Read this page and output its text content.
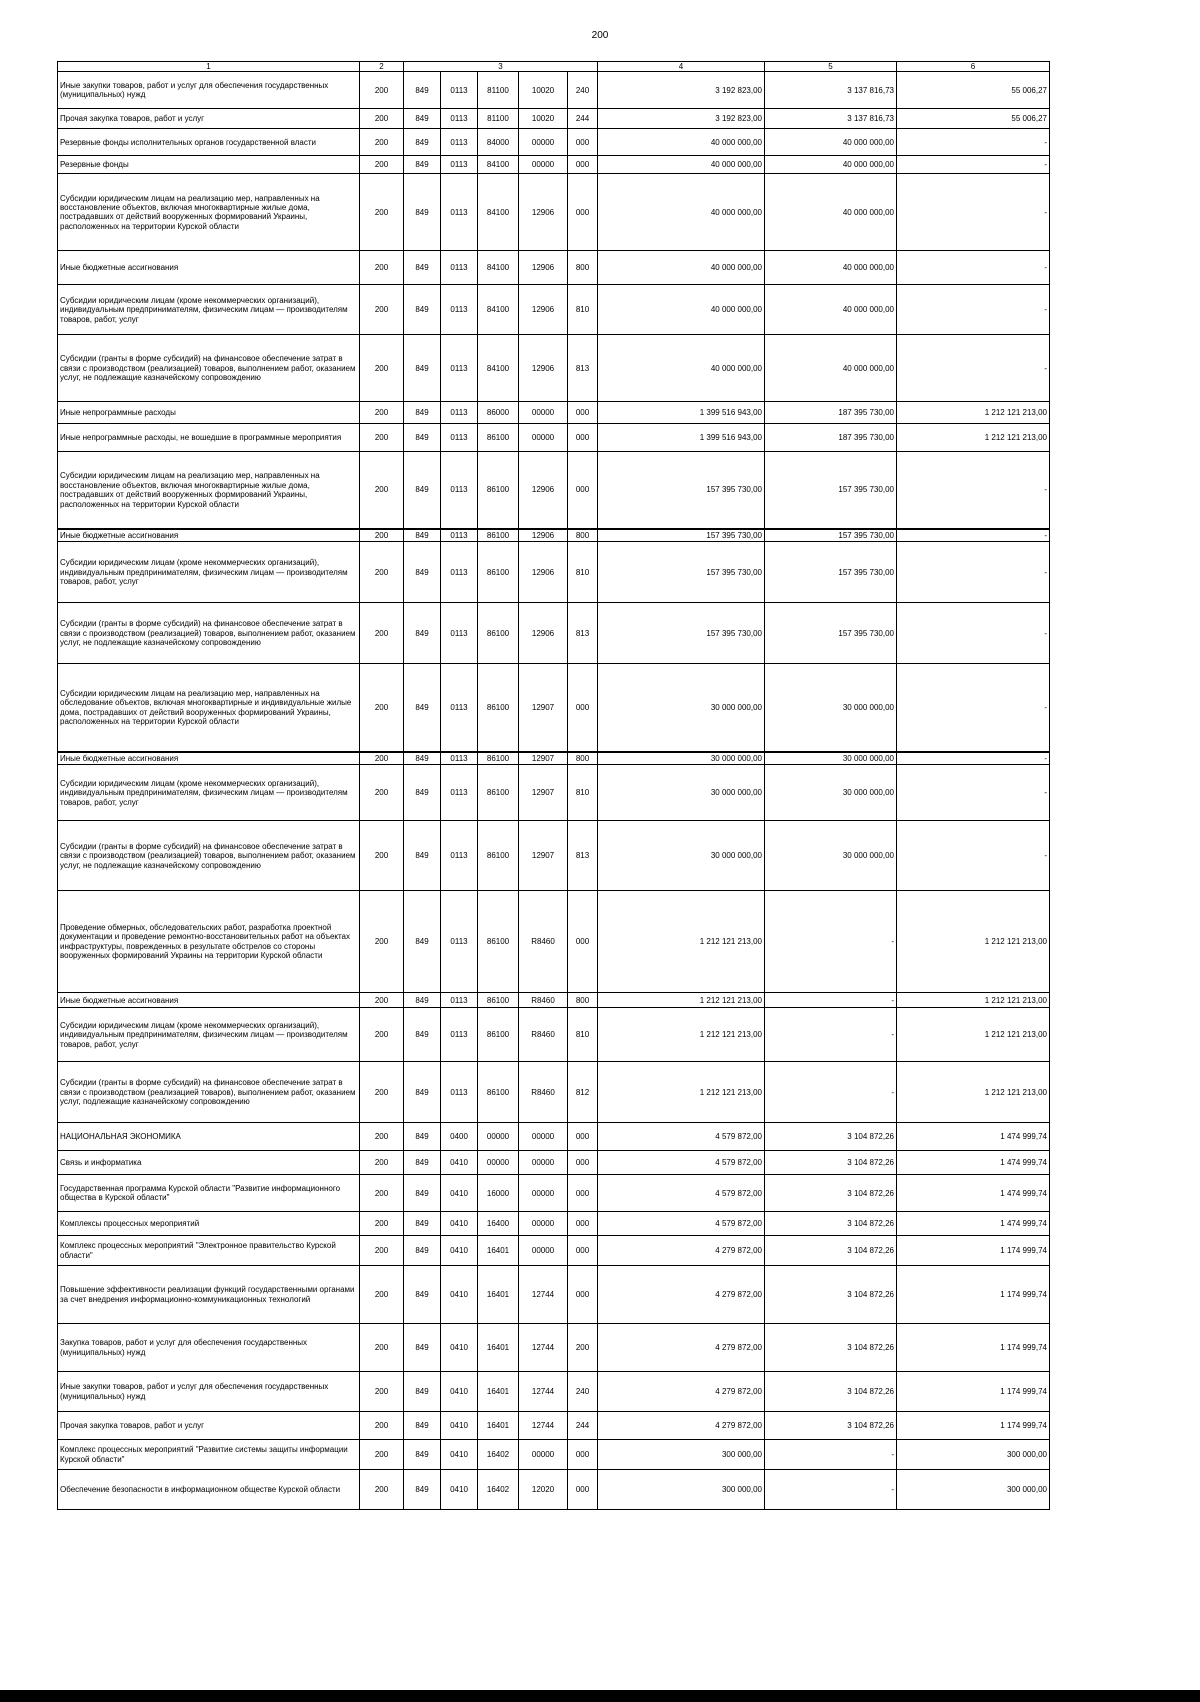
200
1	2	3					4	5	6
Иные закупки товаров, работ и услуг для обеспечения государственных (муниципальных) нужд	200	849	0113	81100	10020	240	3 192 823,00	3 137 816,73	55 006,27
Прочая закупка товаров, работ и услуг	200	849	0113	81100	10020	244	3 192 823,00	3 137 816,73	55 006,27
Резервные фонды исполнительных органов государственной власти	200	849	0113	84000	00000	000	40 000 000,00	40 000 000,00	-
Резервные фонды	200	849	0113	84100	00000	000	40 000 000,00	40 000 000,00	-
Субсидии юридическим лицам на реализацию мер, направленных на восстановление объектов, включая многоквартирные жилые дома, пострадавших от действий вооруженных формирований Украины, расположенных на территории Курской области	200	849	0113	84100	12906	000	40 000 000,00	40 000 000,00	-
Иные бюджетные ассигнования	200	849	0113	84100	12906	800	40 000 000,00	40 000 000,00	-
Субсидии юридическим лицам (кроме некоммерческих организаций), индивидуальным предпринимателям, физическим лицам — производителям товаров, работ, услуг	200	849	0113	84100	12906	810	40 000 000,00	40 000 000,00	-
Субсидии (гранты в форме субсидий) на финансовое обеспечение затрат в связи с производством (реализацией) товаров, выполнением работ, оказанием услуг, не подлежащие казначейскому сопровождению	200	849	0113	84100	12906	813	40 000 000,00	40 000 000,00	-
Иные непрограммные расходы	200	849	0113	86000	00000	000	1 399 516 943,00	187 395 730,00	1 212 121 213,00
Иные непрограммные расходы, не вошедшие в программные мероприятия	200	849	0113	86100	00000	000	1 399 516 943,00	187 395 730,00	1 212 121 213,00
Субсидии юридическим лицам на реализацию мер, направленных на восстановление объектов, включая многоквартирные жилые дома, пострадавших от действий вооруженных формирований Украины, расположенных на территории Курской области	200	849	0113	86100	12906	000	157 395 730,00	157 395 730,00	-
Иные бюджетные ассигнования	200	849	0113	86100	12906	800	157 395 730,00	157 395 730,00	-
Субсидии юридическим лицам (кроме некоммерческих организаций), индивидуальным предпринимателям, физическим лицам — производителям товаров, работ, услуг	200	849	0113	86100	12906	810	157 395 730,00	157 395 730,00	-
Субсидии (гранты в форме субсидий) на финансовое обеспечение затрат в связи с производством (реализацией) товаров, выполнением работ, оказанием услуг, не подлежащие казначейскому сопровождению	200	849	0113	86100	12906	813	157 395 730,00	157 395 730,00	-
Субсидии юридическим лицам на реализацию мер, направленных на обследование объектов, включая многоквартирные и индивидуальные жилые дома, пострадавших от действий вооруженных формирований Украины, расположенных на территории Курской области	200	849	0113	86100	12907	000	30 000 000,00	30 000 000,00	-
Иные бюджетные ассигнования	200	849	0113	86100	12907	800	30 000 000,00	30 000 000,00	-
Субсидии юридическим лицам (кроме некоммерческих организаций), индивидуальным предпринимателям, физическим лицам — производителям товаров, работ, услуг	200	849	0113	86100	12907	810	30 000 000,00	30 000 000,00	-
Субсидии (гранты в форме субсидий) на финансовое обеспечение затрат в связи с производством (реализацией) товаров, выполнением работ, оказанием услуг, не подлежащие казначейскому сопровождению	200	849	0113	86100	12907	813	30 000 000,00	30 000 000,00	-
Проведение обмерных, обследовательских работ, разработка проектной документации и проведение ремонтно-восстановительных работ на объектах инфраструктуры, поврежденных в результате обстрелов со стороны вооруженных формирований Украины на территории Курской области	200	849	0113	86100	R8460	000	1 212 121 213,00	-	1 212 121 213,00
Иные бюджетные ассигнования	200	849	0113	86100	R8460	800	1 212 121 213,00	-	1 212 121 213,00
Субсидии юридическим лицам (кроме некоммерческих организаций), индивидуальным предпринимателям, физическим лицам — производителям товаров, работ, услуг	200	849	0113	86100	R8460	810	1 212 121 213,00	-	1 212 121 213,00
Субсидии (гранты в форме субсидий) на финансовое обеспечение затрат в связи с производством (реализацией товаров), выполнением работ, оказанием услуг, подлежащие казначейскому сопровождению	200	849	0113	86100	R8460	812	1 212 121 213,00	-	1 212 121 213,00
НАЦИОНАЛЬНАЯ ЭКОНОМИКА	200	849	0400	00000	00000	000	4 579 872,00	3 104 872,26	1 474 999,74
Связь и информатика	200	849	0410	00000	00000	000	4 579 872,00	3 104 872,26	1 474 999,74
Государственная программа Курской области "Развитие информационного общества в Курской области"	200	849	0410	16000	00000	000	4 579 872,00	3 104 872,26	1 474 999,74
Комплексы процессных мероприятий	200	849	0410	16400	00000	000	4 579 872,00	3 104 872,26	1 474 999,74
Комплекс процессных мероприятий "Электронное правительство Курской области"	200	849	0410	16401	00000	000	4 279 872,00	3 104 872,26	1 174 999,74
Повышение эффективности реализации функций государственными органами за счет внедрения информационно-коммуникационных технологий	200	849	0410	16401	12744	000	4 279 872,00	3 104 872,26	1 174 999,74
Закупка товаров, работ и услуг для обеспечения государственных (муниципальных) нужд	200	849	0410	16401	12744	200	4 279 872,00	3 104 872,26	1 174 999,74
Иные закупки товаров, работ и услуг для обеспечения государственных (муниципальных) нужд	200	849	0410	16401	12744	240	4 279 872,00	3 104 872,26	1 174 999,74
Прочая закупка товаров, работ и услуг	200	849	0410	16401	12744	244	4 279 872,00	3 104 872,26	1 174 999,74
Комплекс процессных мероприятий "Развитие системы защиты информации Курской области"	200	849	0410	16402	00000	000	300 000,00	-	300 000,00
Обеспечение безопасности в информационном обществе Курской области	200	849	0410	16402	12020	000	300 000,00	-	300 000,00
